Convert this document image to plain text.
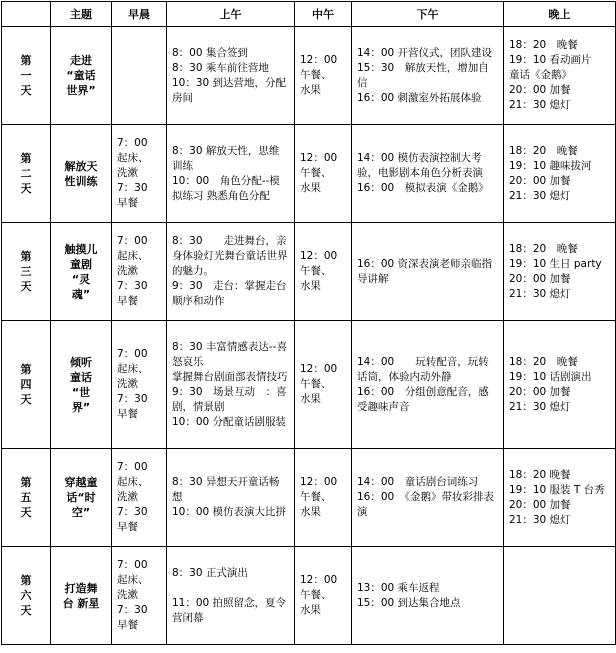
	主题	早晨	上午	中午	下午	晚上
第一天	走进
“童话
世界”		8：00 集合签到
8：30 乘车前往营地
10：30 到达营地，分配房间	12：00
午餐、
水果	14：00 开营仪式，团队建设
15：30　解放天性，增加自信
16：00 刺激室外拓展体验	18：20　晚餐
19：10 看动画片
童话《金鹅》
20：00 加餐
21：30 熄灯
第二天	解放天
性训练	7：00
起床、
洗漱
7：30
早餐	8：30 解放天性，思维训练
10：00　角色分配--模拟练习 熟悉角色分配	12：00
午餐、
水果	14：00 模仿表演控制大考验，电影剧本角色分析表演
16：00　模拟表演《金鹅》	18：20　晚餐
19：10 趣味拔河
20：00 加餐
21：30 熄灯
第三天	触摸儿
童剧
“灵
魂”	7：00
起床、
洗漱
7：30
早餐	8：30　　走进舞台，亲身体验灯光舞台童话世界的魅力。
9：30　走台：掌握走台顺序和动作	12：00
午餐、
水果	16：00 资深表演老师亲临指导讲解	18：20　晚餐
19：10 生日 party
20：00 加餐
21：30 熄灯
第四天	倾听
童话
“世
界”	7：00
起床、
洗漱
7：30
早餐	8：30 丰富情感表达--喜怒哀乐
掌握舞台剧面部表情技巧
9：30　场景互动　：喜剧，情景剧
10：00 分配童话剧服装	12：00
午餐、
水果	14：00　　玩转配音，玩转话筒，体验内动外静
16：00　分组创意配音，感受趣味声音	18：20　晚餐
19：10 话剧演出
20：00 加餐
21：30 熄灯
第五天	穿越童
话“时
空”	7：00
起床、
洗漱
7：30
早餐	8：30 异想天开童话畅想
10：00 模仿表演大比拼	12：00
午餐、
水果	14：00　童话剧台词练习　16：00　《金鹅》带妆彩排表演	18：20 晚餐
19：10 服装 T 台秀
20：00 加餐
21：30 熄灯
第六天	打造舞
台 新星	7：00
起床、
洗漱
7：30
早餐	8：30 正式演出

11：00 拍照留念，夏令营闭幕	12：00
午餐、
水果	13：00 乘车返程
15：00 到达集合地点	
